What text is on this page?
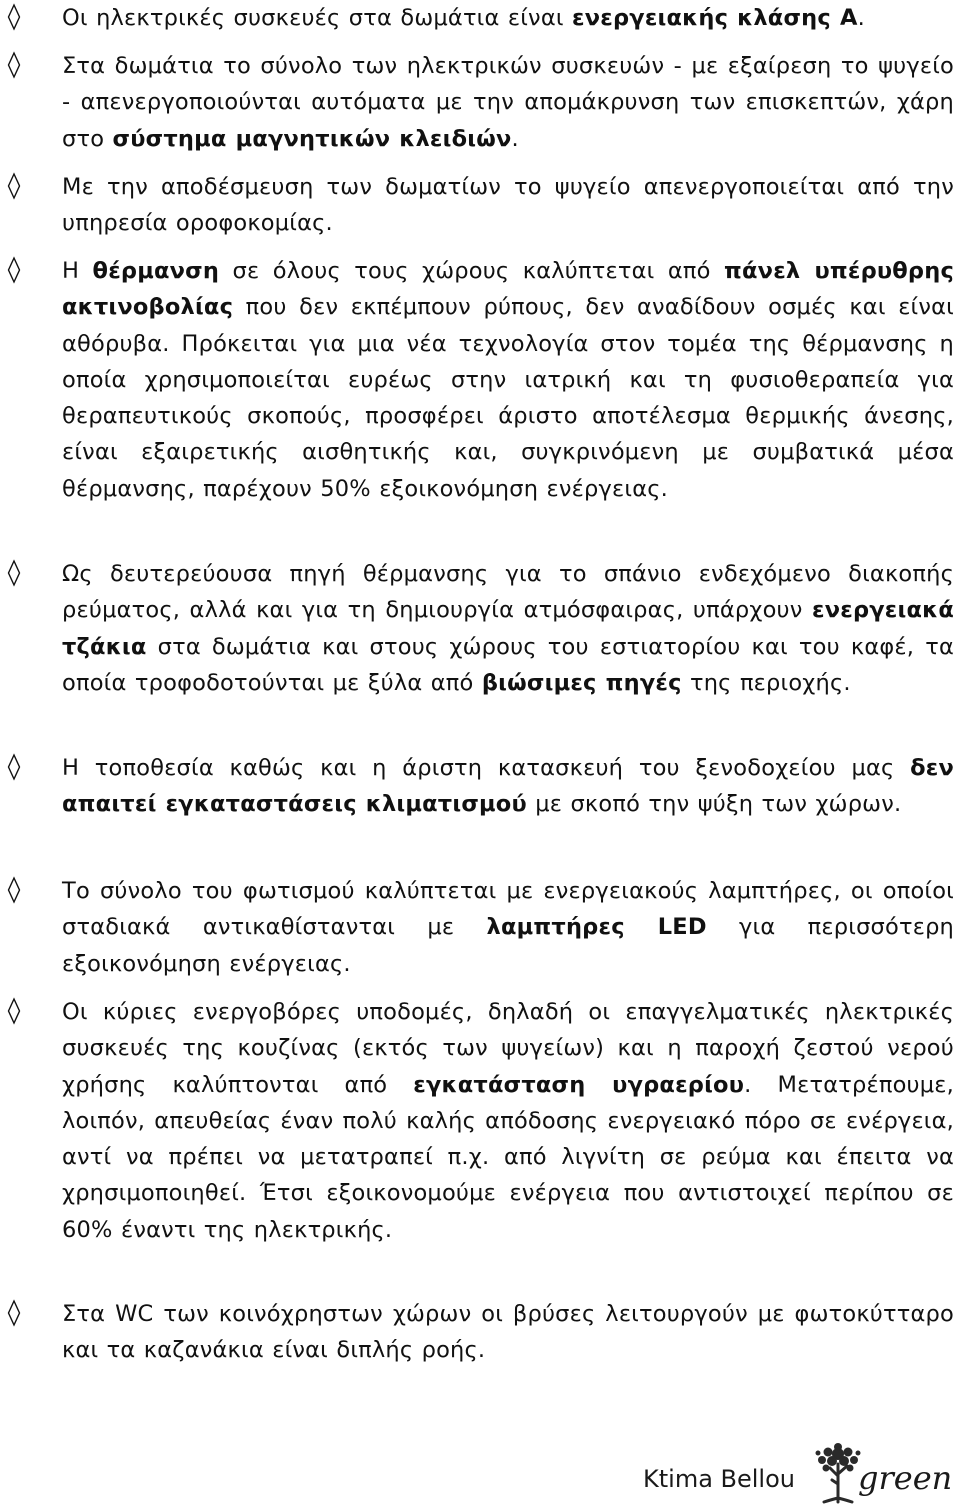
Οι ηλεκτρικές συσκευές στα δωμάτια είναι ενεργειακής κλάσης Α.
Στα δωμάτια το σύνολο των ηλεκτρικών συσκευών - με εξαίρεση το ψυγείο - απενεργοποιούνται αυτόματα με την απομάκρυνση των επισκεπτών, χάρη στο σύστημα μαγνητικών κλειδιών.
Με την αποδέσμευση των δωματίων το ψυγείο απενεργοποιείται από την υπηρεσία οροφοκομίας.
Η θέρμανση σε όλους τους χώρους καλύπτεται από πάνελ υπέρυθρης ακτινοβολίας που δεν εκπέμπουν ρύπους, δεν αναδίδουν οσμές και είναι αθόρυβα. Πρόκειται για μια νέα τεχνολογία στον τομέα της θέρμανσης η οποία χρησιμοποιείται ευρέως στην ιατρική και τη φυσιοθεραπεία για θεραπευτικούς σκοπούς, προσφέρει άριστο αποτέλεσμα θερμικής άνεσης, είναι εξαιρετικής αισθητικής και, συγκρινόμενη με συμβατικά μέσα θέρμανσης, παρέχουν 50% εξοικονόμηση ενέργειας.
Ως δευτερεύουσα πηγή θέρμανσης για το σπάνιο ενδεχόμενο διακοπής ρεύματος, αλλά και για τη δημιουργία ατμόσφαιρας, υπάρχουν ενεργειακά τζάκια στα δωμάτια και στους χώρους του εστιατορίου και του καφέ, τα οποία τροφοδοτούνται με ξύλα από βιώσιμες πηγές της περιοχής.
Η τοποθεσία καθώς και η άριστη κατασκευή του ξενοδοχείου μας δεν απαιτεί εγκαταστάσεις κλιματισμού με σκοπό την ψύξη των χώρων.
Το σύνολο του φωτισμού καλύπτεται με ενεργειακούς λαμπτήρες, οι οποίοι σταδιακά αντικαθίστανται με λαμπτήρες LED για περισσότερη εξοικονόμηση ενέργειας.
Οι κύριες ενεργοβόρες υποδομές, δηλαδή οι επαγγελματικές ηλεκτρικές συσκευές της κουζίνας (εκτός των ψυγείων) και η παροχή ζεστού νερού χρήσης καλύπτονται από εγκατάσταση υγραερίου. Μετατρέπουμε, λοιπόν, απευθείας έναν πολύ καλής απόδοσης ενεργειακό πόρο σε ενέργεια, αντί να πρέπει να μετατραπεί π.χ. από λιγνίτη σε ρεύμα και έπειτα να χρησιμοποιηθεί. Έτσι εξοικονομούμε ενέργεια που αντιστοιχεί περίπου σε 60% έναντι της ηλεκτρικής.
Στα WC των κοινόχρηστων χώρων οι βρύσες λειτουργούν με φωτοκύτταρο και τα καζανάκια είναι διπλής ροής.
Ktima Bellou green
